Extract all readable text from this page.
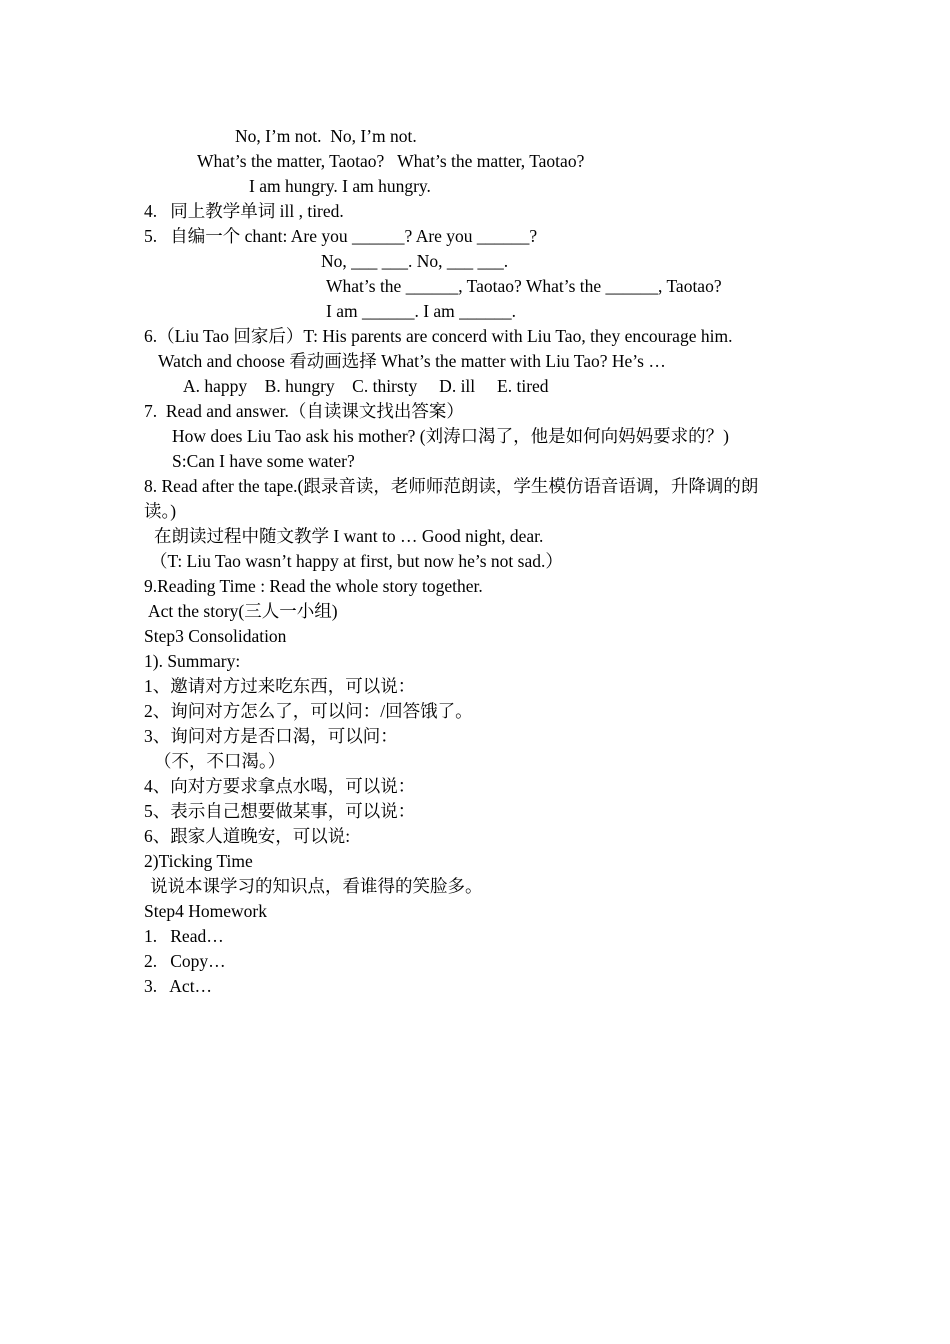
No, I’m not.  No, I’m not.
What’s the matter, Taotao?   What’s the matter, Taotao?
I am hungry. I am hungry.
4.   同上教学单词 ill , tired.
5.   自编一个 chant: Are you ______? Are you ______?
No, ___ ___. No, ___ ___.
What’s the ______, Taotao? What’s the ______, Taotao?
I am ______. I am ______.
6.（Liu Tao 回家后）T: His parents are concerd with Liu Tao, they encourage him.
Watch and choose 看动画选择 What’s the matter with Liu Tao? He’s …
A. happy    B. hungry    C. thirsty     D. ill     E. tired
7.  Read and answer.（自读课文找出答案）
How does Liu Tao ask his mother? (刘涛口渴了，他是如何向妈妈要求的？)
S:Can I have some water?
8. Read after the tape.(跟录音读，老师师范朗读，学生模仿语音语调，升降调的朗
读。)
在朗读过程中随文教学 I want to … Good night, dear.
（T: Liu Tao wasn’t happy at first, but now he’s not sad.）
9.Reading Time : Read the whole story together.
Act the story(三人一小组)
Step3 Consolidation
1). Summary:
1、邀请对方过来吃东西，可以说：
2、询问对方怎么了，可以问：/回答饿了。
3、询问对方是否口渴，可以问：
（不，不口渴。）
4、向对方要求拿点水喝，可以说：
5、表示自己想要做某事，可以说：
6、跟家人道晚安，可以说:
2)Ticking Time
说说本课学习的知识点，看谁得的笑脸多。
Step4 Homework
1.   Read…
2.   Copy…
3.   Act…
